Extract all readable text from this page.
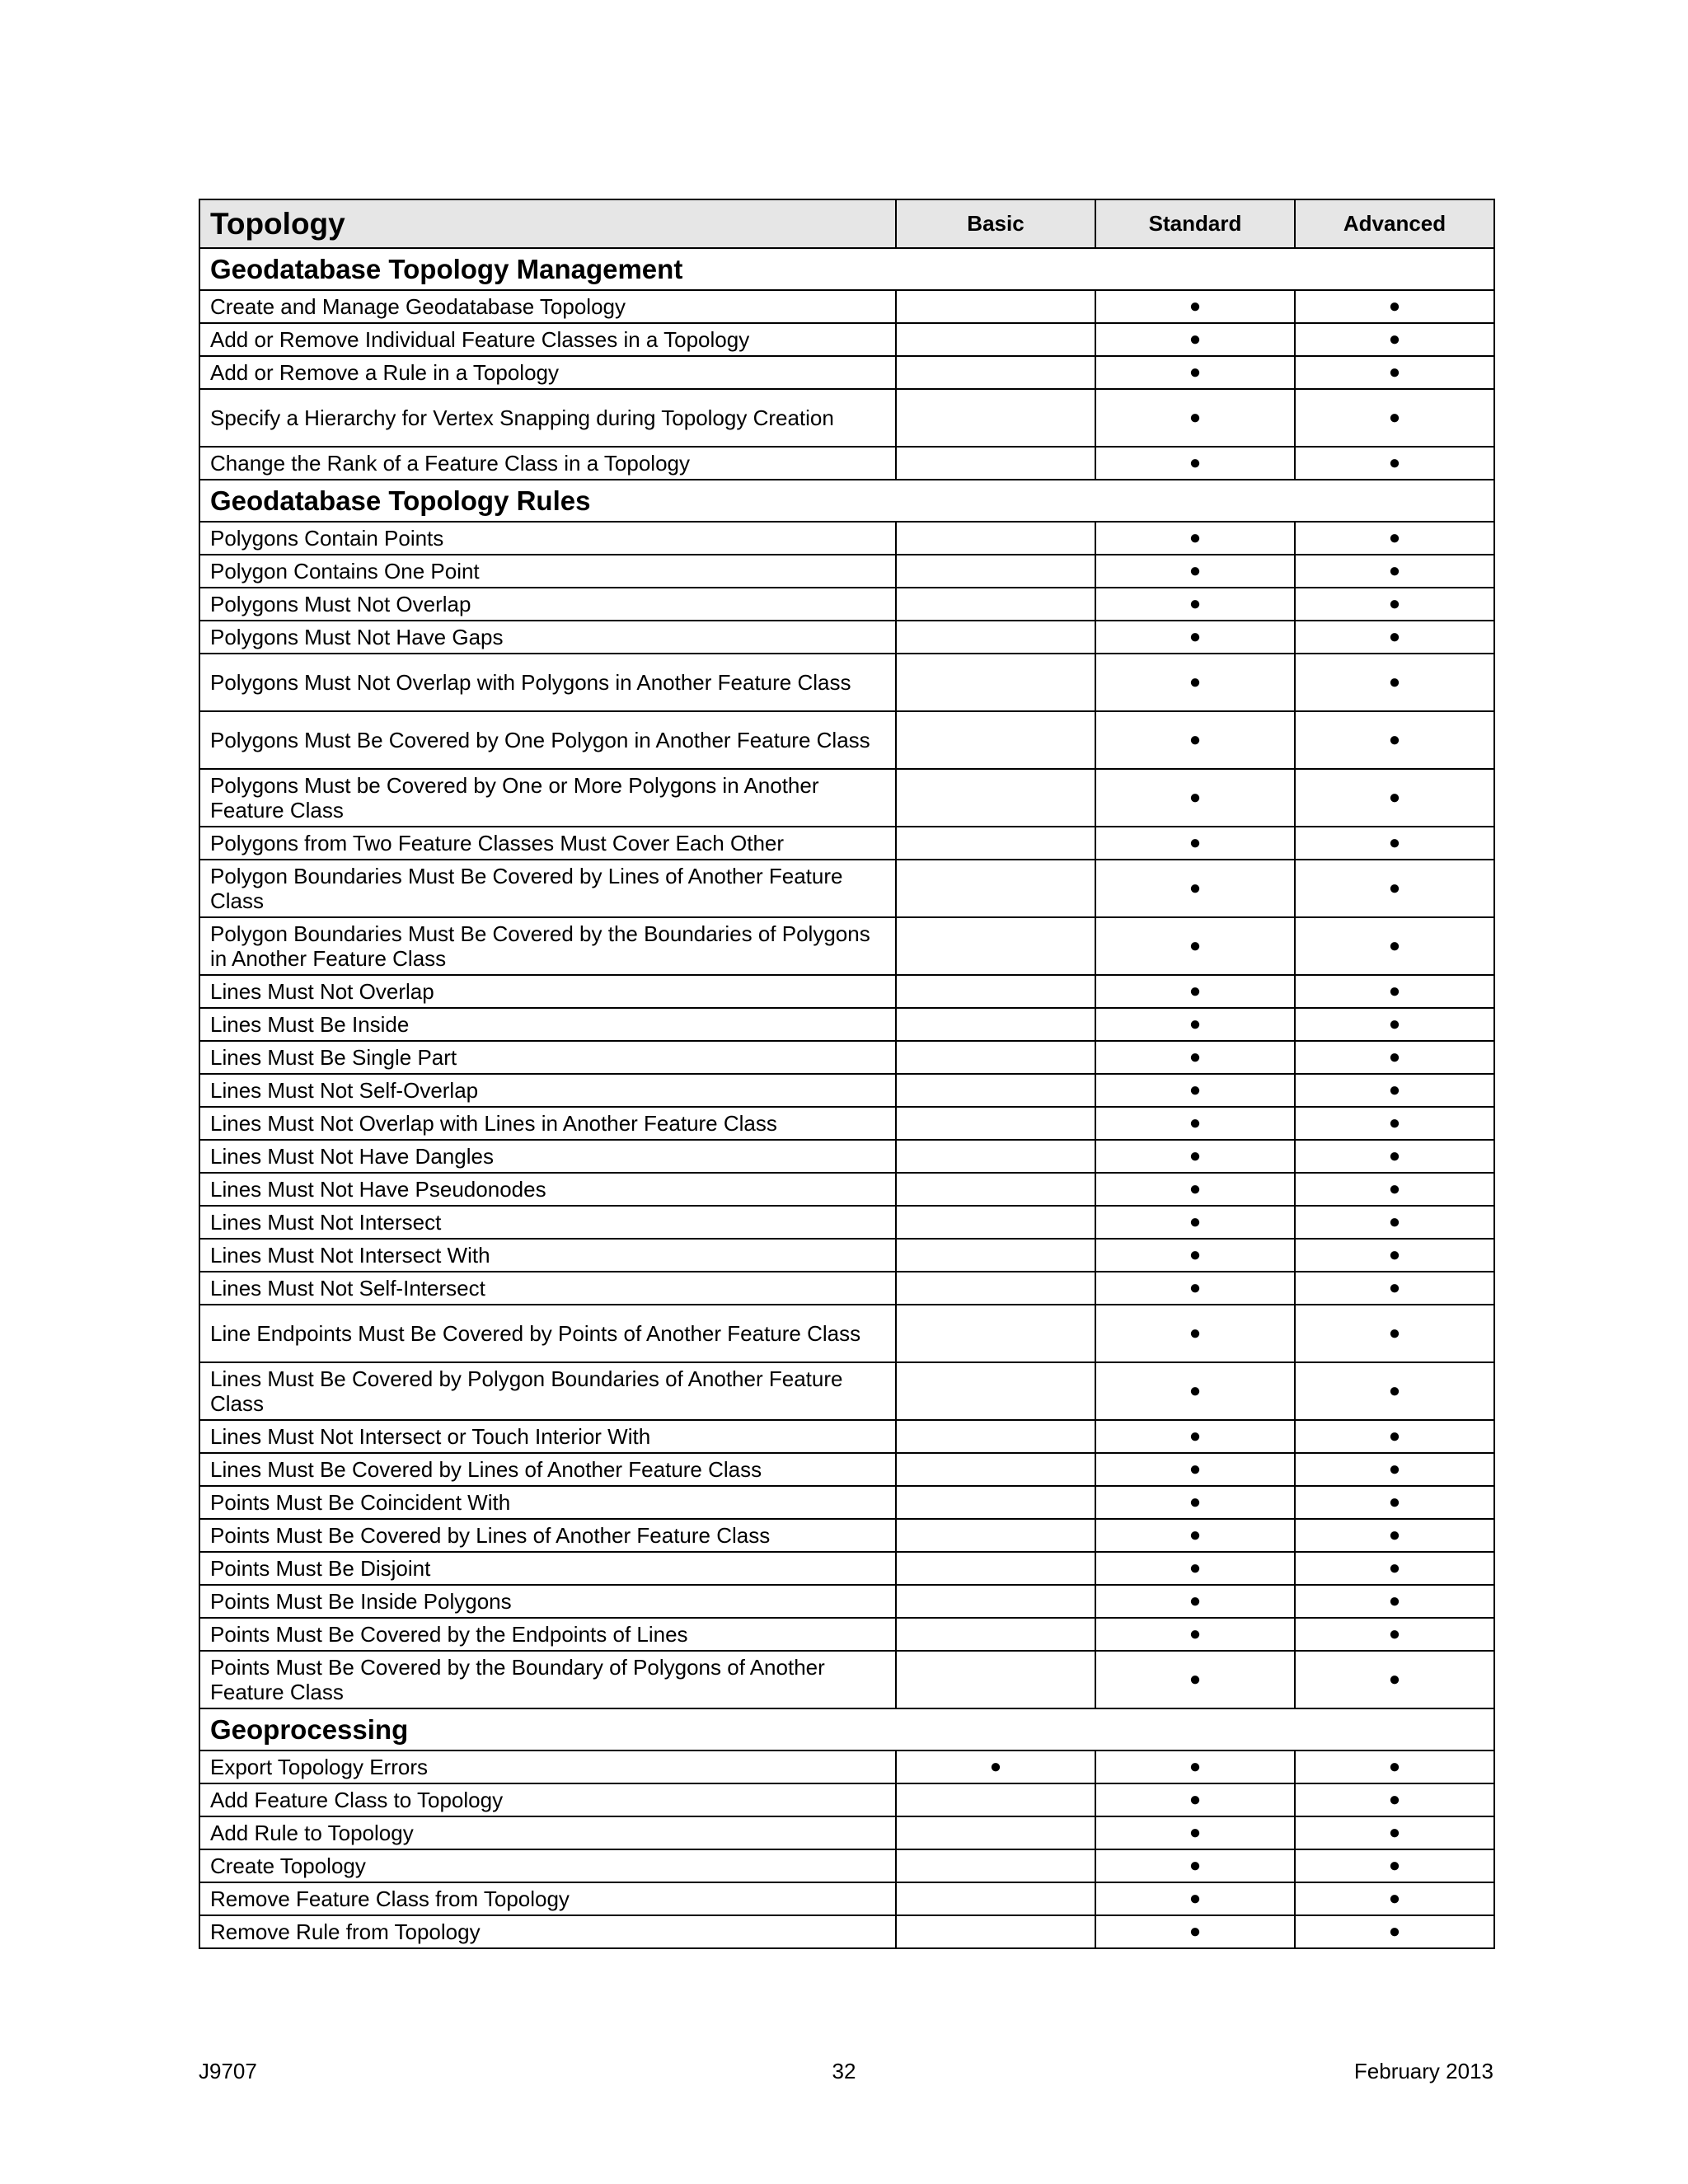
Topology	Basic	Standard	Advanced
Geodatabase Topology Management			
Create and Manage Geodatabase Topology		●	●
Add or Remove Individual Feature Classes in a Topology		●	●
Add or Remove a Rule in a Topology		●	●
Specify a Hierarchy for Vertex Snapping during Topology Creation		●	●
Change the Rank of a Feature Class in a Topology		●	●
Geodatabase Topology Rules			
Polygons Contain Points		●	●
Polygon Contains One Point		●	●
Polygons Must Not Overlap		●	●
Polygons Must Not Have Gaps		●	●
Polygons Must Not Overlap with Polygons in Another Feature Class		●	●
Polygons Must Be Covered by One Polygon in Another Feature Class		●	●
Polygons Must be Covered by One or More Polygons in Another Feature Class		●	●
Polygons from Two Feature Classes Must Cover Each Other		●	●
Polygon Boundaries Must Be Covered by Lines of Another Feature Class		●	●
Polygon Boundaries Must Be Covered by the Boundaries of Polygons in Another Feature Class		●	●
Lines Must Not Overlap		●	●
Lines Must Be Inside		●	●
Lines Must Be Single Part		●	●
Lines Must Not Self-Overlap		●	●
Lines Must Not Overlap with Lines in Another Feature Class		●	●
Lines Must Not Have Dangles		●	●
Lines Must Not Have Pseudonodes		●	●
Lines Must Not Intersect		●	●
Lines Must Not Intersect With		●	●
Lines Must Not Self-Intersect		●	●
Line Endpoints Must Be Covered by Points of Another Feature Class		●	●
Lines Must Be Covered by Polygon Boundaries of Another Feature Class		●	●
Lines Must Not Intersect or Touch Interior With		●	●
Lines Must Be Covered by Lines of Another Feature Class		●	●
Points Must Be Coincident With		●	●
Points Must Be Covered by Lines of Another Feature Class		●	●
Points Must Be Disjoint		●	●
Points Must Be Inside Polygons		●	●
Points Must Be Covered by the Endpoints of Lines		●	●
Points Must Be Covered by the Boundary of Polygons of Another Feature Class		●	●
Geoprocessing			
Export Topology Errors	●	●	●
Add Feature Class to Topology		●	●
Add Rule to Topology		●	●
Create Topology		●	●
Remove Feature Class from Topology		●	●
Remove Rule from Topology		●	●
J9707	32	February 2013
